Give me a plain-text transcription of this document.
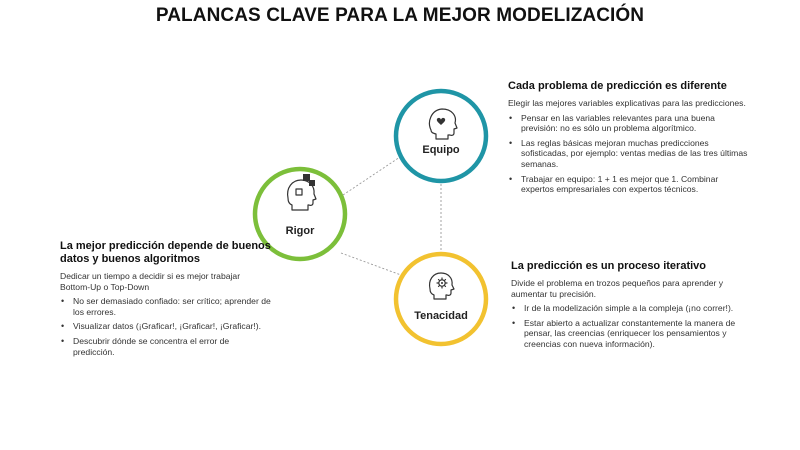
PALANCAS CLAVE PARA LA MEJOR MODELIZACIÓN
Equipo
Rigor
Tenacidad
Cada problema de predicción es diferente
Elegir las mejores variables explicativas para las predicciones.
• Pensar en las variables relevantes para una buena previsión: no es sólo un problema algorítmico.
• Las reglas básicas mejoran muchas predicciones sofisticadas, por ejemplo: ventas medias de las tres últimas semanas.
• Trabajar en equipo: 1 + 1 es mejor que 1. Combinar expertos empresariales con expertos técnicos.
La mejor predicción depende de buenos datos y buenos algoritmos
Dedicar un tiempo a decidir si es mejor trabajar Bottom-Up o Top-Down
• No ser demasiado confiado: ser crítico; aprender de los errores.
• Visualizar datos (¡Graficar!, ¡Graficar!, ¡Graficar!).
• Descubrir dónde se concentra el error de predicción.
La predicción es un proceso iterativo
Divide el problema en trozos pequeños para aprender y aumentar tu precisión.
• Ir de la modelización simple a la compleja (¡no correr!).
• Estar abierto a actualizar constantemente la manera de pensar, las creencias (enriquecer los pensamientos y creencias con nueva información).
